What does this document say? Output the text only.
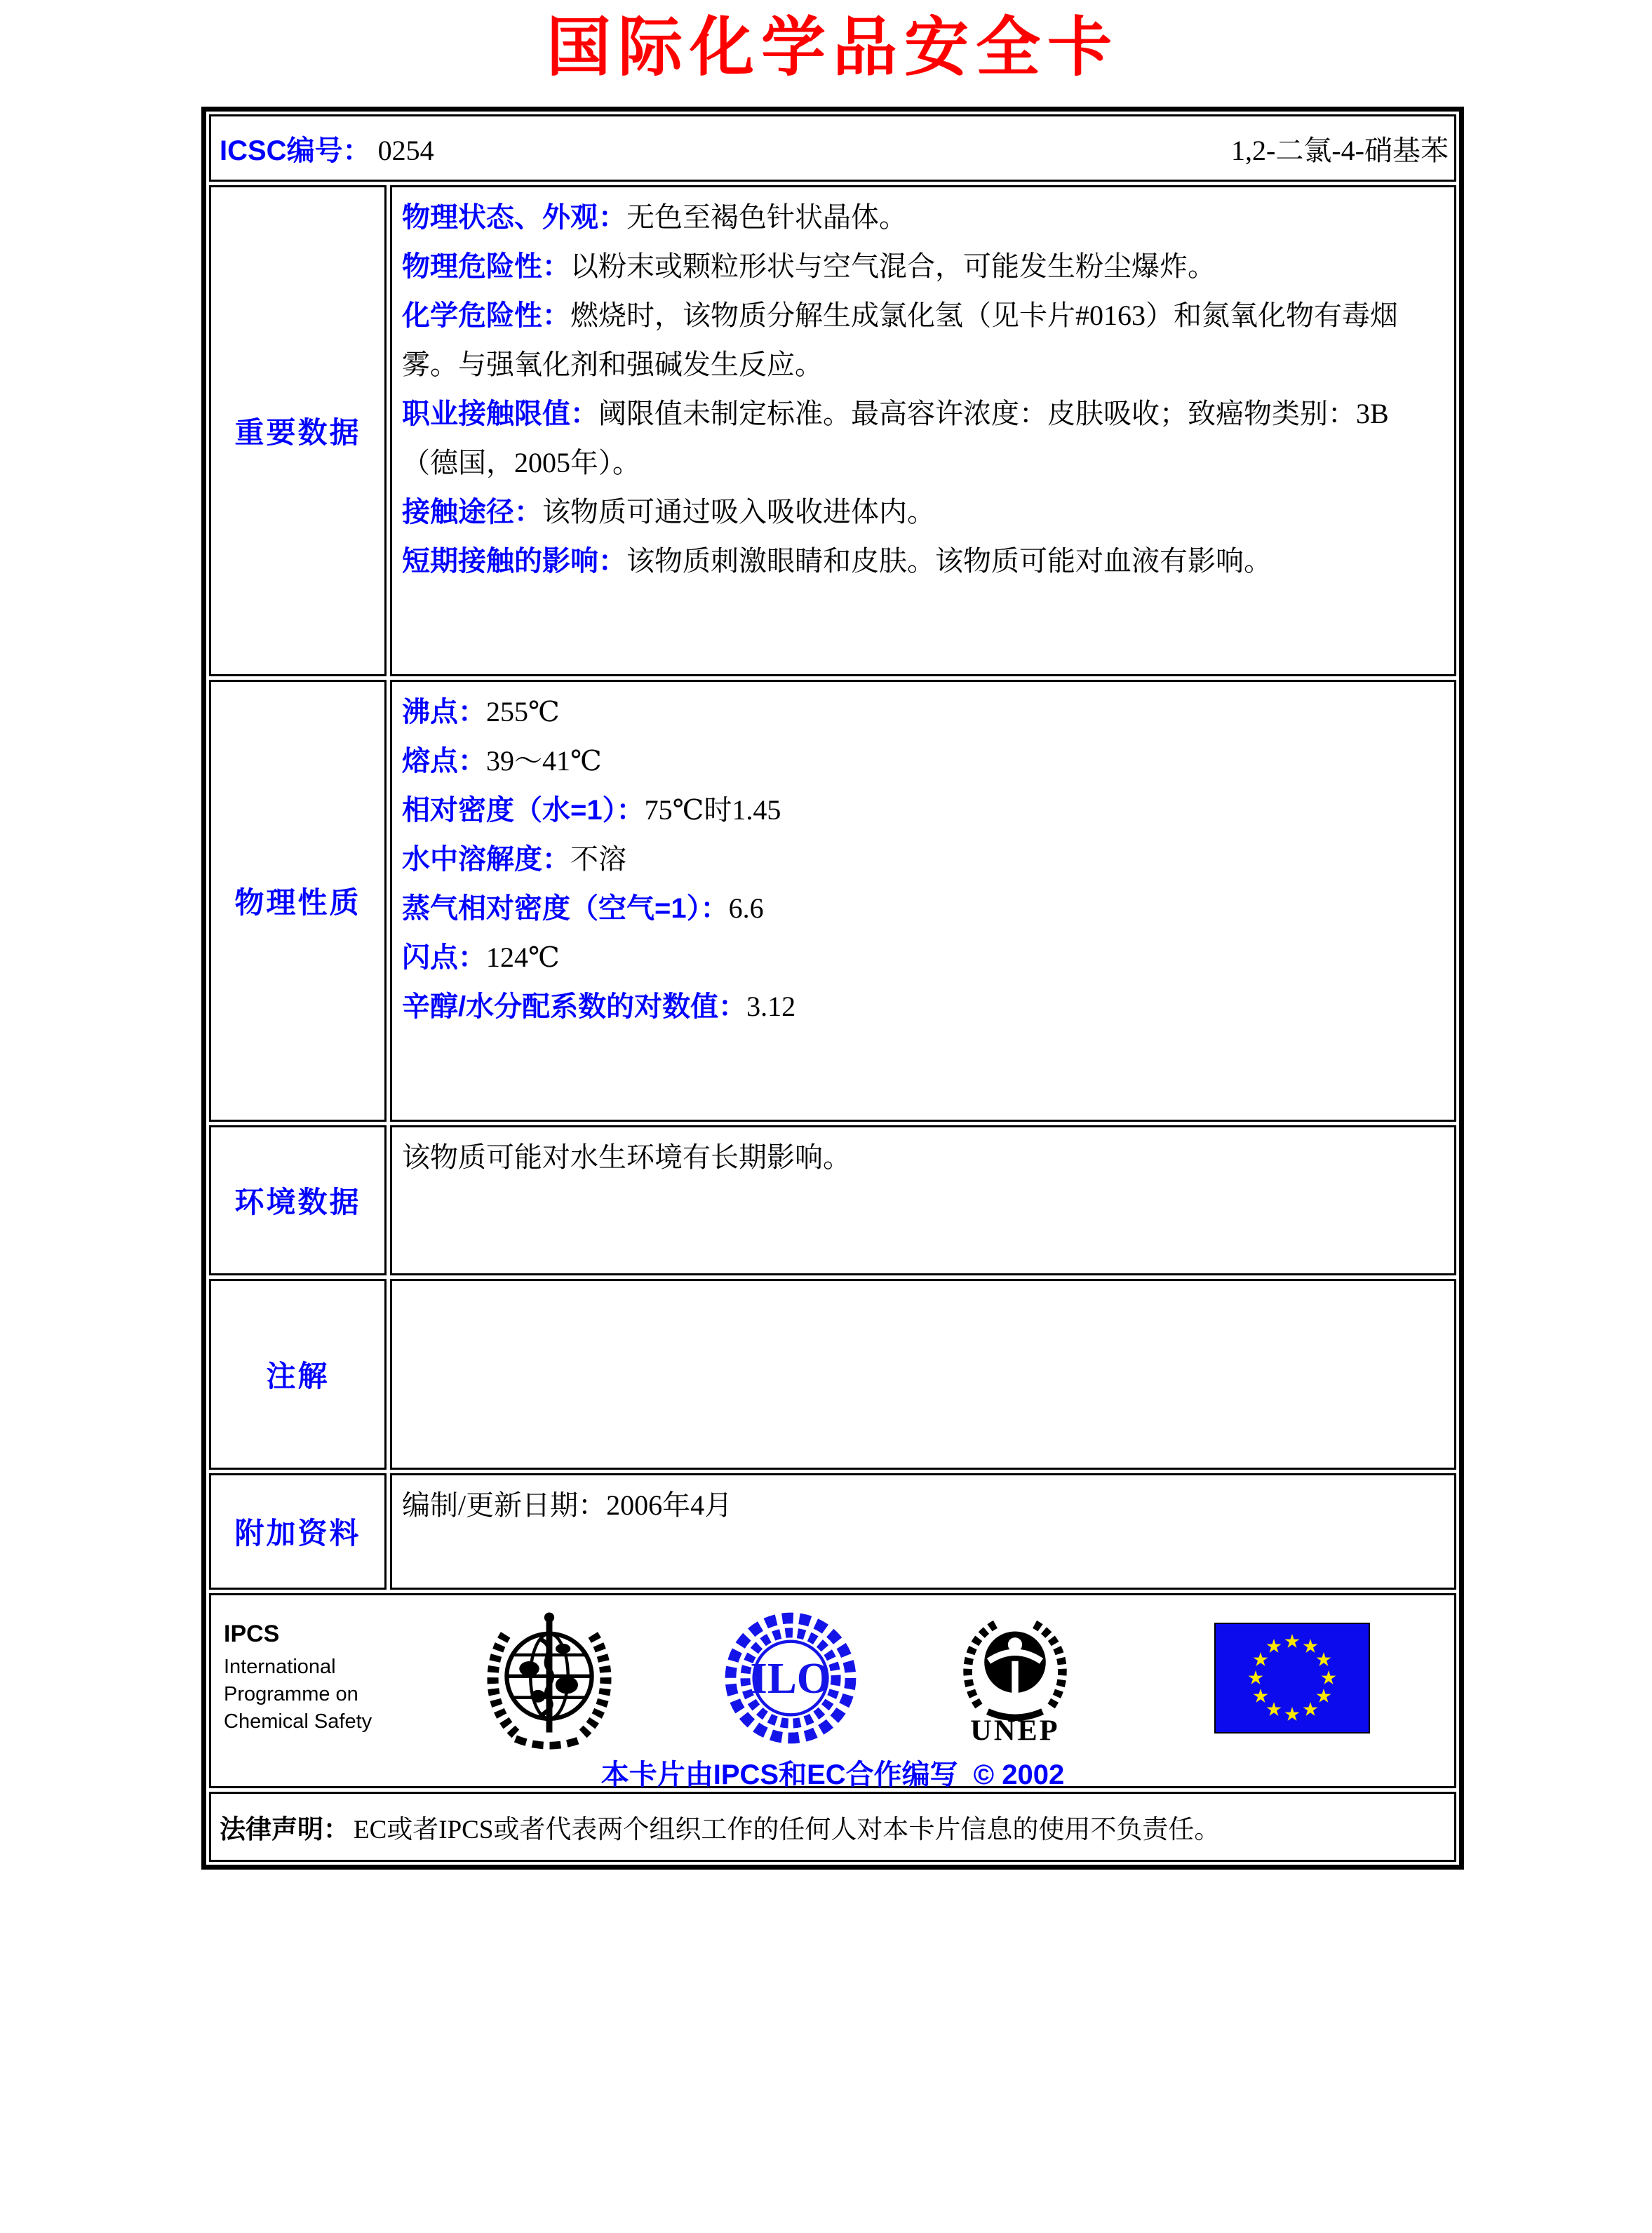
国际化学品安全卡
ICSC编号： 0254	1,2-二氯-4-硝基苯
重要数据

物理状态、外观：无色至褐色针状晶体。

物理危险性：以粉末或颗粒形状与空气混合，可能发生粉尘爆炸。

化学危险性：燃烧时，该物质分解生成氯化氢（见卡片#0163）和氮氧化物有毒烟雾。与强氧化剂和强碱发生反应。

职业接触限值：阈限值未制定标准。最高容许浓度：皮肤吸收；致癌物类别：3B（德国，2005年）。

接触途径：该物质可通过吸入吸收进体内。

短期接触的影响：该物质刺激眼睛和皮肤。该物质可能对血液有影响。

物理性质

沸点：255℃

熔点：39～41℃

相对密度（水=1）：75℃时1.45

水中溶解度：不溶

蒸气相对密度（空气=1）：6.6

闪点：124℃

辛醇/水分配系数的对数值：3.12

环境数据

该物质可能对水生环境有长期影响。

注解

附加资料

编制/更新日期：2006年4月

IPCS
International
Programme on
Chemical Safety
ILO
UNEP
本卡片由IPCS和EC合作编写 © 2002
法律声明： EC或者IPCS或者代表两个组织工作的任何人对本卡片信息的使用不负责任。
